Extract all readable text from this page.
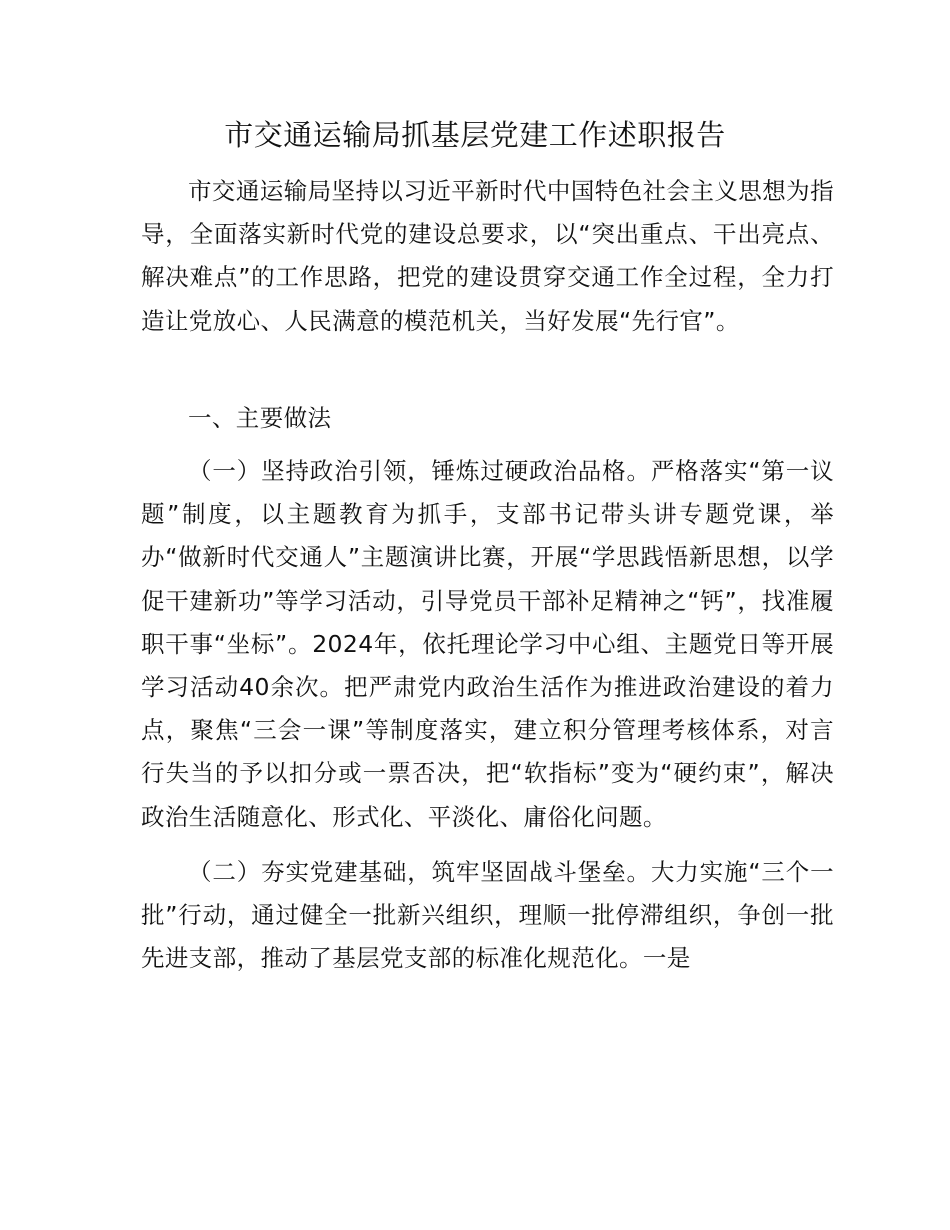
市交通运输局抓基层党建工作述职报告

市交通运输局坚持以习近平新时代中国特色社会主义思想为指导，全面落实新时代党的建设总要求，以“突出重点、干出亮点、解决难点”的工作思路，把党的建设贯穿交通工作全过程，全力打造让党放心、人民满意的模范机关，当好发展“先行官”。

一、主要做法

（一）坚持政治引领，锤炼过硬政治品格。严格落实“第一议题”制度，以主题教育为抓手，支部书记带头讲专题党课，举办“做新时代交通人”主题演讲比赛，开展“学思践悟新思想，以学促干建新功”等学习活动，引导党员干部补足精神之“钙”，找准履职干事“坐标”。2024年，依托理论学习中心组、主题党日等开展学习活动40余次。把严肃党内政治生活作为推进政治建设的着力点，聚焦“三会一课”等制度落实，建立积分管理考核体系，对言行失当的予以扣分或一票否决，把“软指标”变为“硬约束”，解决政治生活随意化、形式化、平淡化、庸俗化问题。

（二）夯实党建基础，筑牢坚固战斗堡垒。大力实施“三个一批”行动，通过健全一批新兴组织，理顺一批停滞组织，争创一批先进支部，推动了基层党支部的标准化规范化。一是
